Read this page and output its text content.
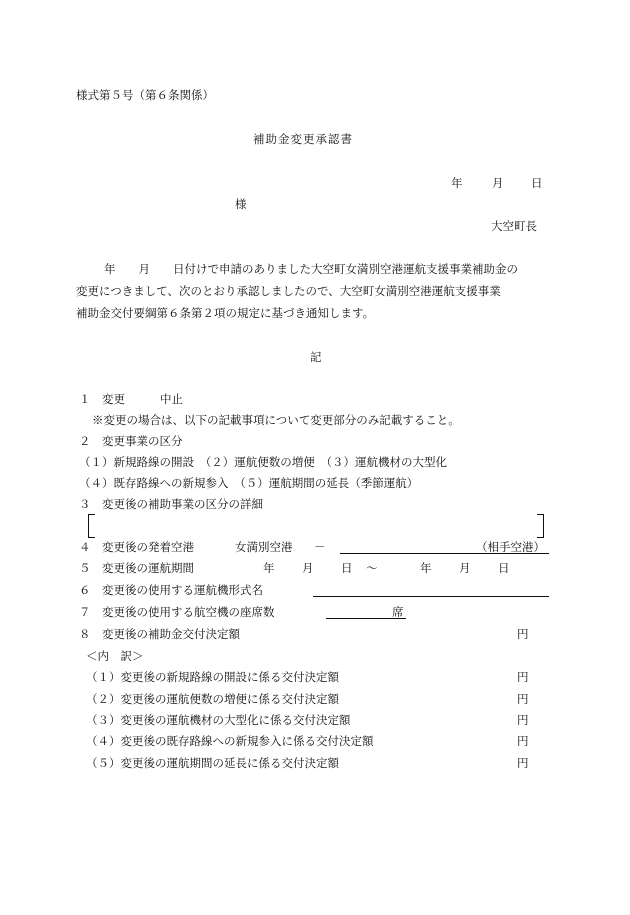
様式第５号（第６条関係）
補助金変更承認書
年	月 日
様
大空町長
年　　月　　日付けで申請のありました大空町女満別空港運航支援事業補助金の
変更につきまして、次のとおり承認しましたので、大空町女満別空港運航支援事業
補助金交付要綱第６条第２項の規定に基づき通知します。
記
１ 変更	中止
※変更の場合は、以下の記載事項について変更部分のみ記載すること。
２ 変更事業の区分
（１）新規路線の開設　（２）運航便数の増便　（３）運航機材の大型化
（４）既存路線への新規参入　（５）運航期間の延長（季節運航）
３ 変更後の補助事業の区分の詳細
４ 変更後の発着空港	女満別空港 －	（相手空港）
５ 変更後の運航期間	年 月 日 ～	年 月 日
６ 変更後の使用する運航機形式名
７ 変更後の使用する航空機の座席数	席
８ 変更後の補助金交付決定額	円
＜内　訳＞
（１）変更後の新規路線の開設に係る交付決定額	円
（２）変更後の運航便数の増便に係る交付決定額	円
（３）変更後の運航機材の大型化に係る交付決定額	円
（４）変更後の既存路線への新規参入に係る交付決定額	円
（５）変更後の運航期間の延長に係る交付決定額	円
